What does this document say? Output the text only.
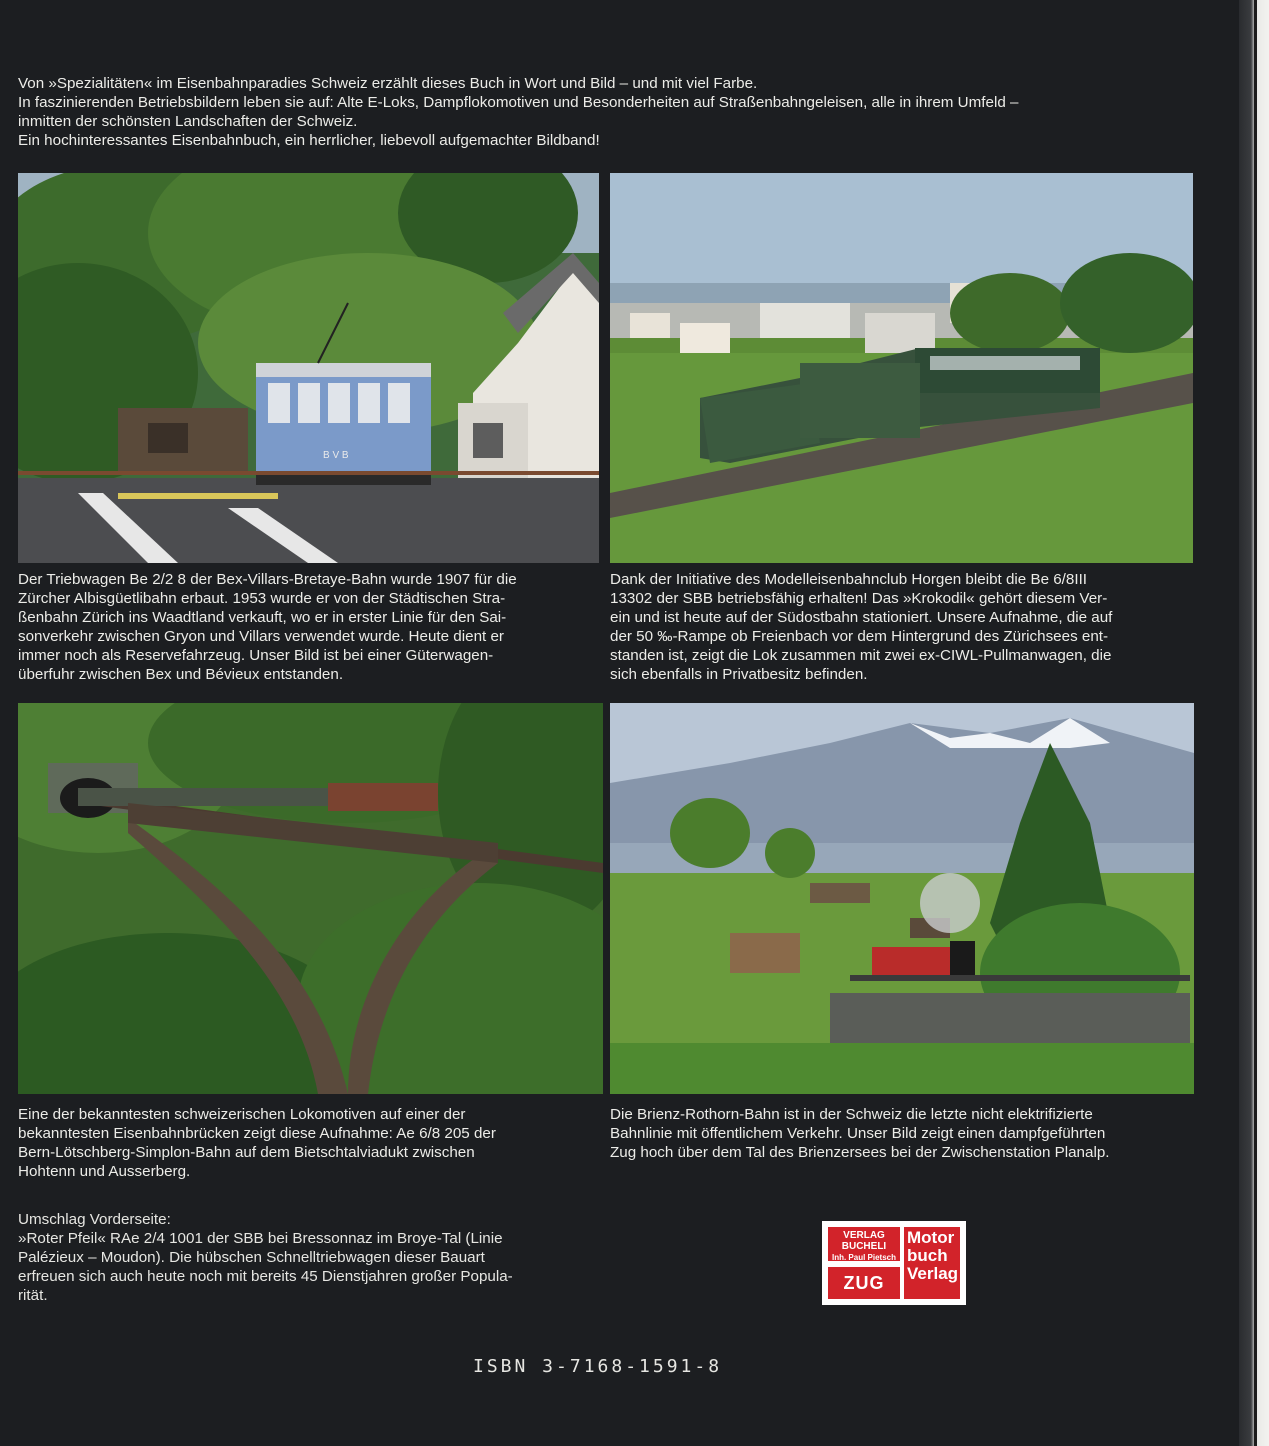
Von »Spezialitäten« im Eisenbahnparadies Schweiz erzählt dieses Buch in Wort und Bild – und mit viel Farbe.

In faszinierenden Betriebsbildern leben sie auf: Alte E-Loks, Dampflokomotiven und Besonderheiten auf Straßenbahngeleisen, alle in ihrem Umfeld –

inmitten der schönsten Landschaften der Schweiz.

Ein hochinteressantes Eisenbahnbuch, ein herrlicher, liebevoll aufgemachter Bildband!

B V B

Der Triebwagen Be 2/2 8 der Bex-Villars-Bretaye-Bahn wurde 1907 für die

Zürcher Albisgüetlibahn erbaut. 1953 wurde er von der Städtischen Stra-

ßenbahn Zürich ins Waadtland verkauft, wo er in erster Linie für den Sai-

sonverkehr zwischen Gryon und Villars verwendet wurde. Heute dient er

immer noch als Reservefahrzeug. Unser Bild ist bei einer Güterwagen-

überfuhr zwischen Bex und Bévieux entstanden.

Dank der Initiative des Modelleisenbahnclub Horgen bleibt die Be 6/8III

13302 der SBB betriebsfähig erhalten! Das »Krokodil« gehört diesem Ver-

ein und ist heute auf der Südostbahn stationiert. Unsere Aufnahme, die auf

der 50 ‰-Rampe ob Freienbach vor dem Hintergrund des Zürichsees ent-

standen ist, zeigt die Lok zusammen mit zwei ex-CIWL-Pullmanwagen, die

sich ebenfalls in Privatbesitz befinden.

Eine der bekanntesten schweizerischen Lokomotiven auf einer der

bekanntesten Eisenbahnbrücken zeigt diese Aufnahme: Ae 6/8 205 der

Bern-Lötschberg-Simplon-Bahn auf dem Bietschtalviadukt zwischen

Hohtenn und Ausserberg.

Die Brienz-Rothorn-Bahn ist in der Schweiz die letzte nicht elektrifizierte

Bahnlinie mit öffentlichem Verkehr. Unser Bild zeigt einen dampfgeführten

Zug hoch über dem Tal des Brienzersees bei der Zwischenstation Planalp.

Umschlag Vorderseite:

»Roter Pfeil« RAe 2/4 1001 der SBB bei Bressonnaz im Broye-Tal (Linie

Palézieux – Moudon). Die hübschen Schnelltriebwagen dieser Bauart

erfreuen sich auch heute noch mit bereits 45 Dienstjahren großer Popula-

rität.

VERLAG BUCHELI
Inh. Paul Pietsch
ZUG
Motor
buch
Verlag
ISBN 3-7168-1591-8
